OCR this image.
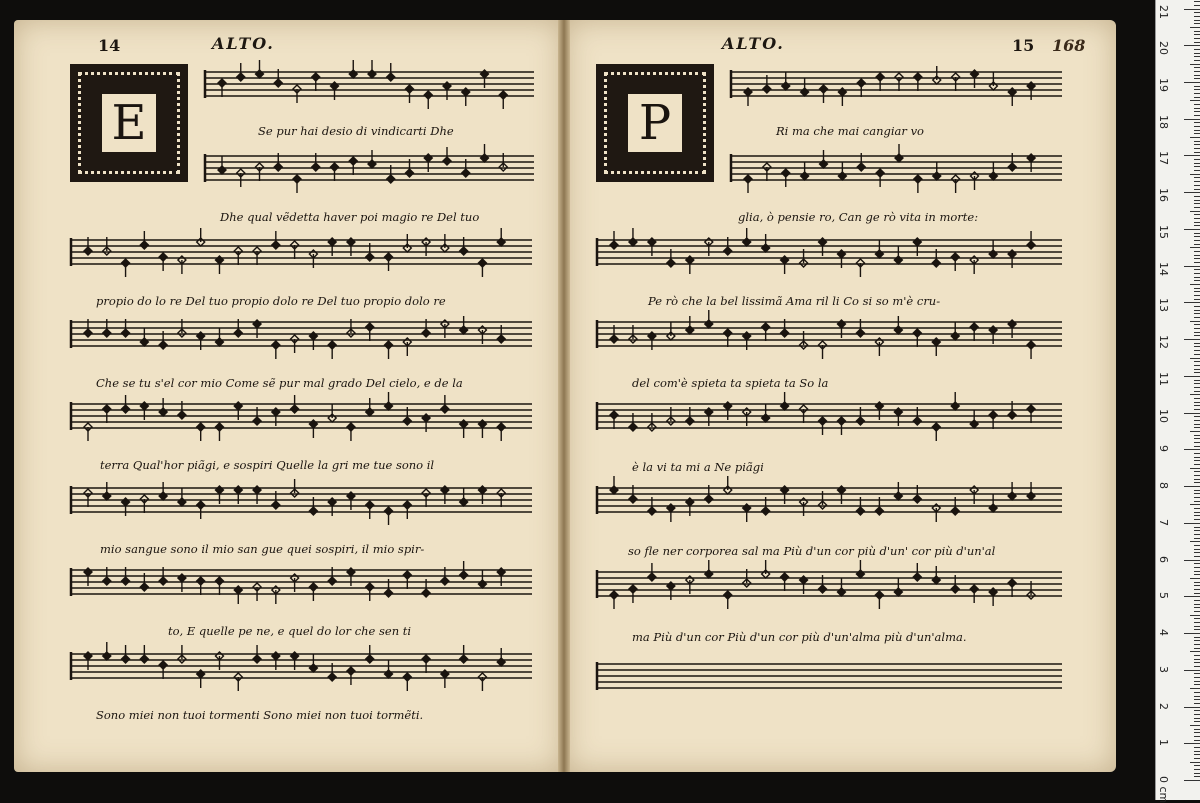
14	ALTO.	ALTO.	15 168
E	P
Se pur hai desio di vindicarti Dhe
Dhe qual vẽdetta haver poi magio re Del tuo
propio do lo re Del tuo propio dolo re Del tuo propio dolo re
Che se tu s'el cor mio Come sẽ pur mal grado Del cielo, e de la
terra Qual'hor piãgi, e sospiri Quelle la gri me tue sono il
mio sangue sono il mio san gue quei sospiri, il mio spir-
to, E quelle pe ne, e quel do lor che sen ti
Sono miei non tuoi tormenti Sono miei non tuoi tormẽti.
Ri ma che mai cangiar vo
glia, ò pensie ro, Can ge rò vita in morte:
Pe rò che la bel lissimã Ama ril li Co si so m'è cru-
del com'è spieta ta spieta ta So la
è la vi ta mi a Ne piãgi
so fle ner corporea sal ma Più d'un cor più d'un' cor più d'un'al
ma Più d'un cor Più d'un cor più d'un'alma più d'un'alma.
0 cm
1
2
3
4
5
6
7
8
9
10
11
12
13
14
15
16
17
18
19
20
21
